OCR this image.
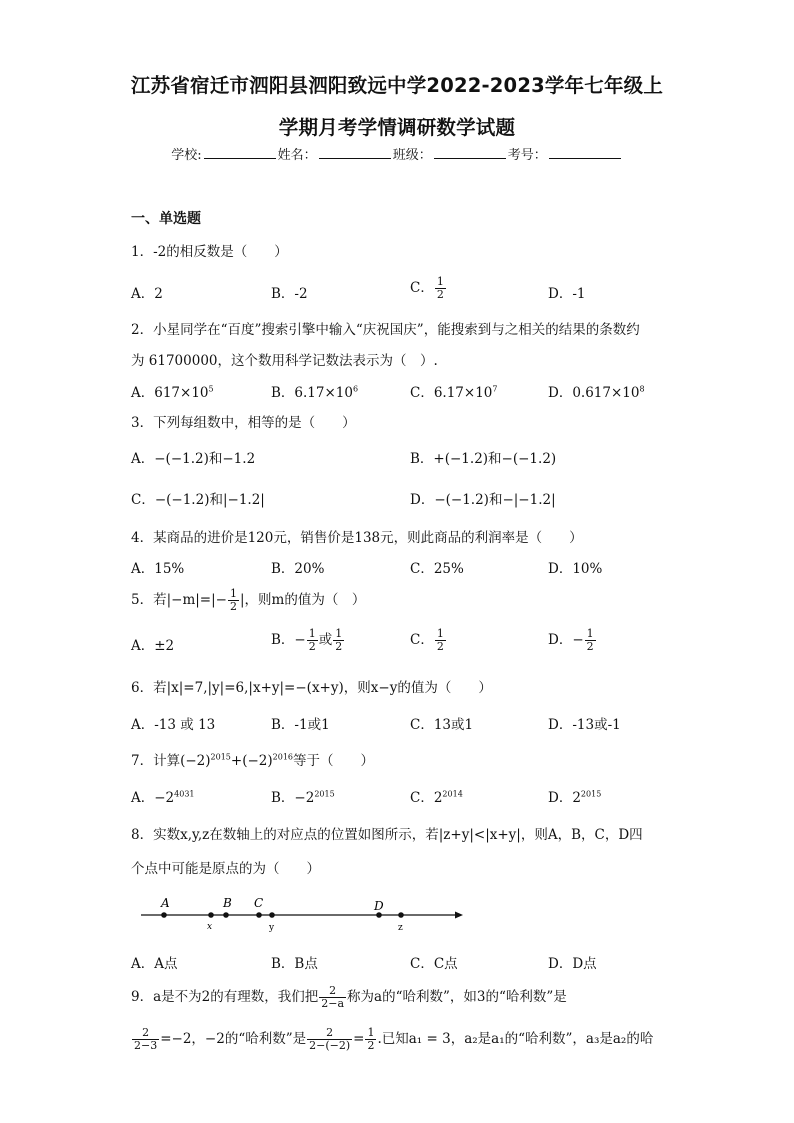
江苏省宿迁市泗阳县泗阳致远中学2022-2023学年七年级上
学期月考学情调研数学试题
学校:	姓名：	班级：	考号：
一、单选题
1．-2的相反数是（　　）
A．2	B．-2	C． $\frac{1}{2}$	D．-1
2．小星同学在“百度”搜索引擎中输入“庆祝国庆”，能搜索到与之相关的结果的条数约
为 61700000，这个数用科学记数法表示为（　）.
A．$617\times 10^5$	B．$6.17\times 10^6$	C．$6.17\times 10^7$	D．$0.617\times 10^8$
3．下列每组数中，相等的是（　　）
A．−(−1.2)和−1.2	B．+(−1.2)和−(−1.2)
C．−(−1.2)和|−1.2|	D．−(−1.2)和−|−1.2|
4．某商品的进价是120元，销售价是138元，则此商品的利润率是（　　）
A．15%	B．20%	C．25%	D．10%
5．若$|-m|=|- \frac{1}{2}$ |，则m的值为（　）
A．±2	B．− $\frac{1}{2}$ 或 $\frac{1}{2}$	C． $\frac{1}{2}$	D．− $\frac{1}{2}$
6．若|x|=7,|y|=6,|x+y|=−(x+y)，则x−y的值为（　　）
A．-13 或 13	B．-1或1	C．13或1	D．-13或-1
7．计算$(-2)^{2015}+(-2)^{2016}$等于（　　）
A．$-2^{4031}$	B．$-2^{2015}$	C．$2^{2014}$	D．$2^{2015}$
8．实数x,y,z在数轴上的对应点的位置如图所示，若|z+y|<|x+y|，则A，B，C，D四
个点中可能是原点的为（　　）
A	B C	D
x	y	z
A．A点	B．B点	C．C点	D．D点
9．a是不为2的有理数，我们把 $\frac{2}{2-a}$ 称为a的“哈利数”，如3的“哈利数”是
$\frac{2}{2-3} =-2$，−2的“哈利数”是 $\frac{2}{2-(-2)} = \frac{1}{2}$ .已知a₁ = 3，a₂是a₁的“哈利数”，a₃是a₂的哈
